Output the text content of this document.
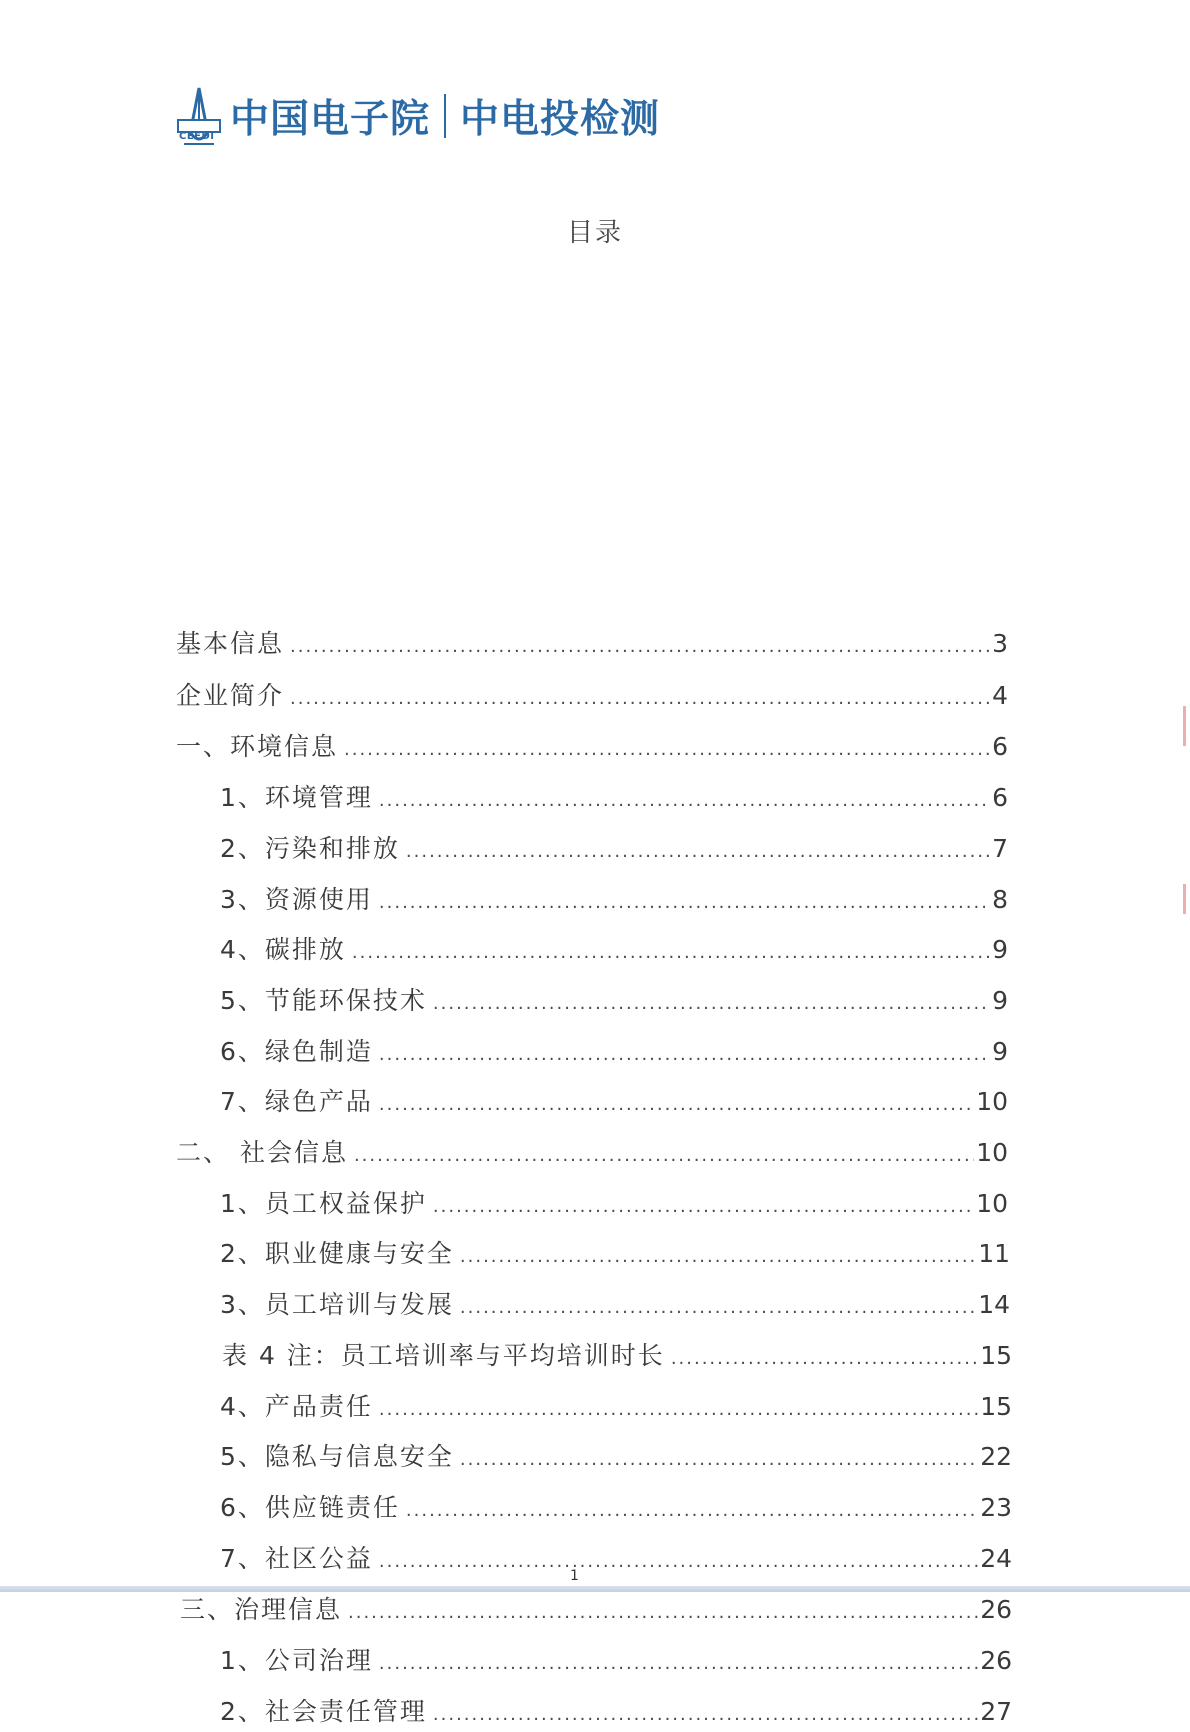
CEEDI 中国电子院 中电投检测
目录
基本信息 .....	3
企业简介 .....	4
一、环境信息 .....	6
1、环境管理 .....	6
2、污染和排放 .....	7
3、资源使用 .....	8
4、碳排放 .....	9
5、节能环保技术 .....	9
6、绿色制造 .....	9
7、绿色产品 .....	10
二、 社会信息 .....	10
1、员工权益保护 .....	10
2、职业健康与安全 .....	11
3、员工培训与发展 .....	14
表 4 注：员工培训率与平均培训时长 .....	15
4、产品责任 .....	15
5、隐私与信息安全 .....	22
6、供应链责任 .....	23
7、社区公益 .....	24
三、治理信息 .....	26
1、公司治理 .....	26
2、社会责任管理 .....	27
1
